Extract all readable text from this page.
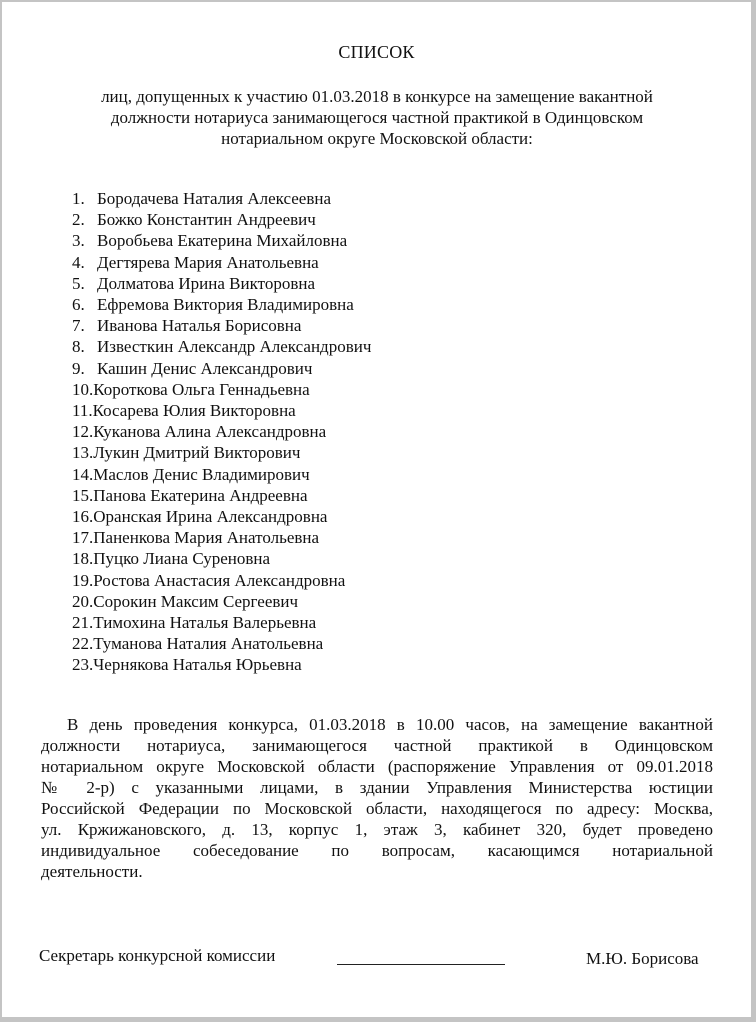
СПИСОК
лиц, допущенных к участию 01.03.2018 в конкурсе на замещение вакантной
должности нотариуса занимающегося частной практикой в Одинцовском
нотариальном округе Московской области:
1. Бородачева Наталия Алексеевна
2. Божко Константин Андреевич
3. Воробьева Екатерина Михайловна
4. Дегтярева Мария Анатольевна
5. Долматова Ирина Викторовна
6. Ефремова Виктория Владимировна
7. Иванова Наталья Борисовна
8. Известкин Александр Александрович
9. Кашин Денис Александрович
10. Короткова Ольга Геннадьевна
11. Косарева Юлия Викторовна
12. Куканова Алина Александровна
13. Лукин Дмитрий Викторович
14. Маслов Денис Владимирович
15. Панова Екатерина Андреевна
16. Оранская Ирина Александровна
17. Паненкова Мария Анатольевна
18. Пуцко Лиана Суреновна
19. Ростова Анастасия Александровна
20. Сорокин Максим Сергеевич
21. Тимохина Наталья Валерьевна
22. Туманова Наталия Анатольевна
23. Чернякова Наталья Юрьевна
В день проведения конкурса, 01.03.2018 в 10.00 часов, на замещение вакантной
должности нотариуса, занимающегося частной практикой в Одинцовском
нотариальном округе Московской области (распоряжение Управления от 09.01.2018
№ 2-р) с указанными лицами, в здании Управления Министерства юстиции
Российской Федерации по Московской области, находящегося по адресу: Москва,
ул. Кржижановского, д. 13, корпус 1, этаж 3, кабинет 320, будет проведено
индивидуальное собеседование по вопросам, касающимся нотариальной
деятельности.
Секретарь конкурсной комиссии	М.Ю. Борисова
